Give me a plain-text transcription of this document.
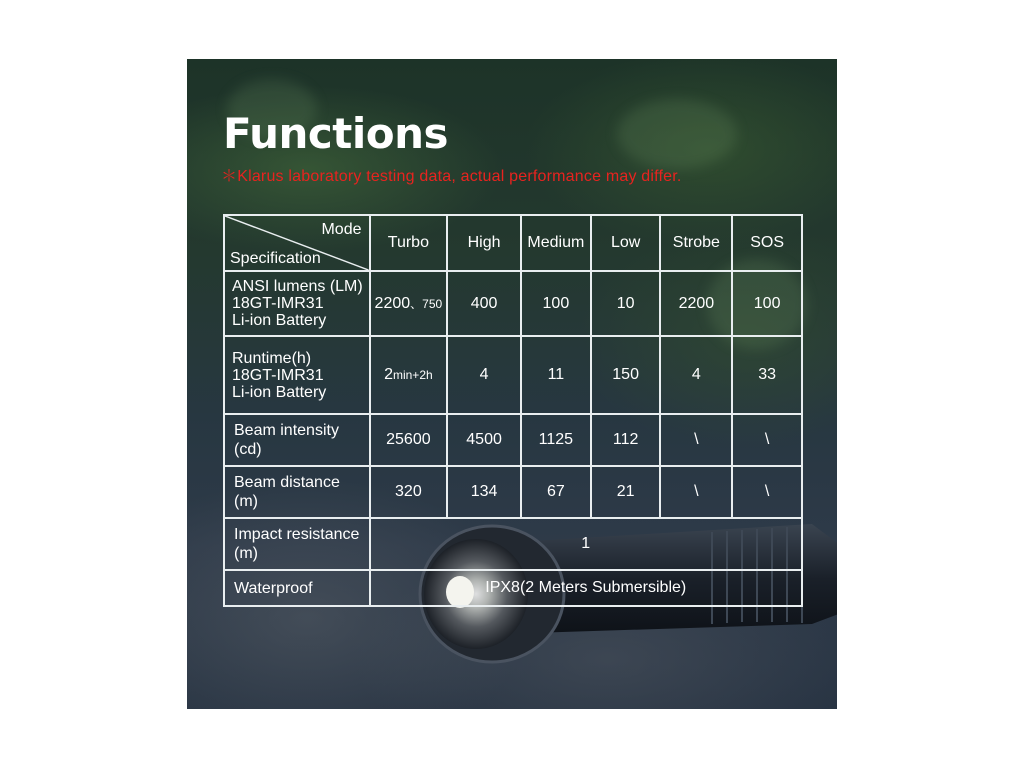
Functions
＊Klarus laboratory testing data, actual performance may differ.
Mode
Specification	Turbo	High	Medium	Low	Strobe	SOS

ANSI lumens (LM)
18GT-IMR31
Li-ion Battery	2200、750	400	100	10	2200	100

Runtime(h)
18GT-IMR31
Li-ion Battery	2min+2h	4	11	150	4	33

Beam intensity
(cd)	25600	4500	1125	112	\	\

Beam distance
(m)	320	134	67	21	\	\

Impact resistance
(m)	1					
Waterproof	IPX8(2 Meters Submersible)					
